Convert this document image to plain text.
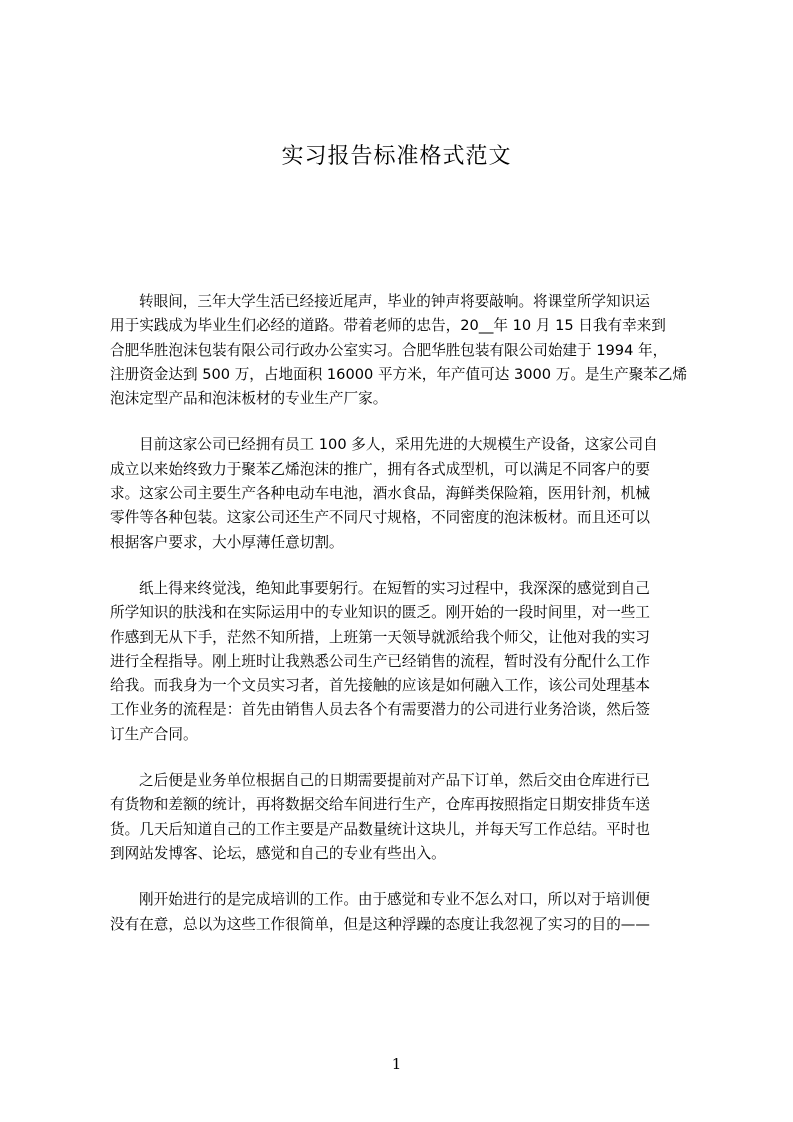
实习报告标准格式范文
转眼间，三年大学生活已经接近尾声，毕业的钟声将要敲响。将课堂所学知识运
用于实践成为毕业生们必经的道路。带着老师的忠告，20__年 10 月 15 日我有幸来到
合肥华胜泡沫包装有限公司行政办公室实习。合肥华胜包装有限公司始建于 1994 年，
注册资金达到 500 万，占地面积 16000 平方米，年产值可达 3000 万。是生产聚苯乙烯
泡沫定型产品和泡沫板材的专业生产厂家。
目前这家公司已经拥有员工 100 多人，采用先进的大规模生产设备，这家公司自
成立以来始终致力于聚苯乙烯泡沫的推广，拥有各式成型机，可以满足不同客户的要
求。这家公司主要生产各种电动车电池，酒水食品，海鲜类保险箱，医用针剂，机械
零件等各种包装。这家公司还生产不同尺寸规格，不同密度的泡沫板材。而且还可以
根据客户要求，大小厚薄任意切割。
纸上得来终觉浅，绝知此事要躬行。在短暂的实习过程中，我深深的感觉到自己
所学知识的肤浅和在实际运用中的专业知识的匮乏。刚开始的一段时间里，对一些工
作感到无从下手，茫然不知所措，上班第一天领导就派给我个师父，让他对我的实习
进行全程指导。刚上班时让我熟悉公司生产已经销售的流程，暂时没有分配什么工作
给我。而我身为一个文员实习者，首先接触的应该是如何融入工作，该公司处理基本
工作业务的流程是：首先由销售人员去各个有需要潜力的公司进行业务洽谈，然后签
订生产合同。
之后便是业务单位根据自己的日期需要提前对产品下订单，然后交由仓库进行已
有货物和差额的统计，再将数据交给车间进行生产，仓库再按照指定日期安排货车送
货。几天后知道自己的工作主要是产品数量统计这块儿，并每天写工作总结。平时也
到网站发博客、论坛，感觉和自己的专业有些出入。
刚开始进行的是完成培训的工作。由于感觉和专业不怎么对口，所以对于培训便
没有在意，总以为这些工作很简单，但是这种浮躁的态度让我忽视了实习的目的——
1
